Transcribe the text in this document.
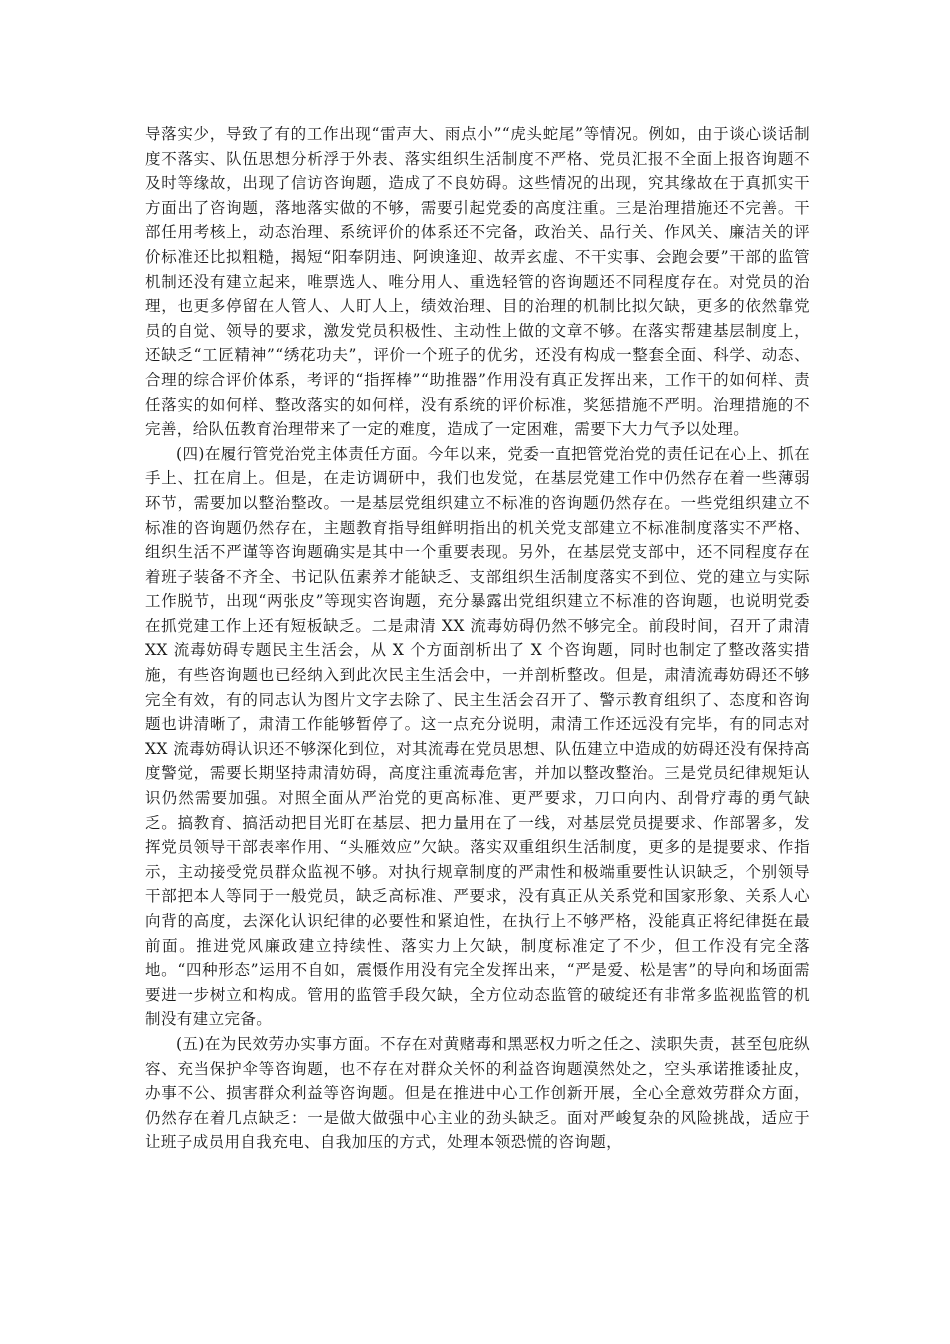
导落实少，导致了有的工作出现“雷声大、雨点小”“虎头蛇尾”等情况。例如，由于谈心谈话制度不落实、队伍思想分析浮于外表、落实组织生活制度不严格、党员汇报不全面上报咨询题不及时等缘故，出现了信访咨询题，造成了不良妨碍。这些情况的出现，究其缘故在于真抓实干方面出了咨询题，落地落实做的不够，需要引起党委的高度注重。三是治理措施还不完善。干部任用考核上，动态治理、系统评价的体系还不完备，政治关、品行关、作风关、廉洁关的评价标准还比拟粗糙，揭短“阳奉阴违、阿谀逢迎、故弄玄虚、不干实事、会跑会要”干部的监管机制还没有建立起来，唯票选人、唯分用人、重选轻管的咨询题还不同程度存在。对党员的治理，也更多停留在人管人、人盯人上，绩效治理、目的治理的机制比拟欠缺，更多的依然靠党员的自觉、领导的要求，激发党员积极性、主动性上做的文章不够。在落实帮建基层制度上，还缺乏“工匠精神”“绣花功夫”，评价一个班子的优劣，还没有构成一整套全面、科学、动态、合理的综合评价体系，考评的“指挥棒”“助推器”作用没有真正发挥出来，工作干的如何样、责任落实的如何样、整改落实的如何样，没有系统的评价标准，奖惩措施不严明。治理措施的不完善，给队伍教育治理带来了一定的难度，造成了一定困难，需要下大力气予以处理。

(四)在履行管党治党主体责任方面。今年以来，党委一直把管党治党的责任记在心上、抓在手上、扛在肩上。但是，在走访调研中，我们也发觉，在基层党建工作中仍然存在着一些薄弱环节，需要加以整治整改。一是基层党组织建立不标准的咨询题仍然存在。一些党组织建立不标准的咨询题仍然存在，主题教育指导组鲜明指出的机关党支部建立不标准制度落实不严格、组织生活不严谨等咨询题确实是其中一个重要表现。另外，在基层党支部中，还不同程度存在着班子装备不齐全、书记队伍素养才能缺乏、支部组织生活制度落实不到位、党的建立与实际工作脱节，出现“两张皮”等现实咨询题，充分暴露出党组织建立不标准的咨询题，也说明党委在抓党建工作上还有短板缺乏。二是肃清 XX 流毒妨碍仍然不够完全。前段时间，召开了肃清 XX 流毒妨碍专题民主生活会，从 X 个方面剖析出了 X 个咨询题，同时也制定了整改落实措施，有些咨询题也已经纳入到此次民主生活会中，一并剖析整改。但是，肃清流毒妨碍还不够完全有效，有的同志认为图片文字去除了、民主生活会召开了、警示教育组织了、态度和咨询题也讲清晰了，肃清工作能够暂停了。这一点充分说明，肃清工作还远没有完毕，有的同志对 XX 流毒妨碍认识还不够深化到位，对其流毒在党员思想、队伍建立中造成的妨碍还没有保持高度警觉，需要长期坚持肃清妨碍，高度注重流毒危害，并加以整改整治。三是党员纪律规矩认识仍然需要加强。对照全面从严治党的更高标准、更严要求，刀口向内、刮骨疗毒的勇气缺乏。搞教育、搞活动把目光盯在基层、把力量用在了一线，对基层党员提要求、作部署多，发挥党员领导干部表率作用、“头雁效应”欠缺。落实双重组织生活制度，更多的是提要求、作指示，主动接受党员群众监视不够。对执行规章制度的严肃性和极端重要性认识缺乏，个别领导干部把本人等同于一般党员，缺乏高标准、严要求，没有真正从关系党和国家形象、关系人心向背的高度，去深化认识纪律的必要性和紧迫性，在执行上不够严格，没能真正将纪律挺在最前面。推进党风廉政建立持续性、落实力上欠缺，制度标准定了不少，但工作没有完全落地。“四种形态”运用不自如，震慑作用没有完全发挥出来，“严是爱、松是害”的导向和场面需要进一步树立和构成。管用的监管手段欠缺，全方位动态监管的破绽还有非常多监视监管的机制没有建立完备。

(五)在为民效劳办实事方面。不存在对黄赌毒和黑恶权力听之任之、渎职失责，甚至包庇纵容、充当保护伞等咨询题，也不存在对群众关怀的利益咨询题漠然处之，空头承诺推诿扯皮，办事不公、损害群众利益等咨询题。但是在推进中心工作创新开展，全心全意效劳群众方面，仍然存在着几点缺乏：一是做大做强中心主业的劲头缺乏。面对严峻复杂的风险挑战，适应于让班子成员用自我充电、自我加压的方式，处理本领恐慌的咨询题，
